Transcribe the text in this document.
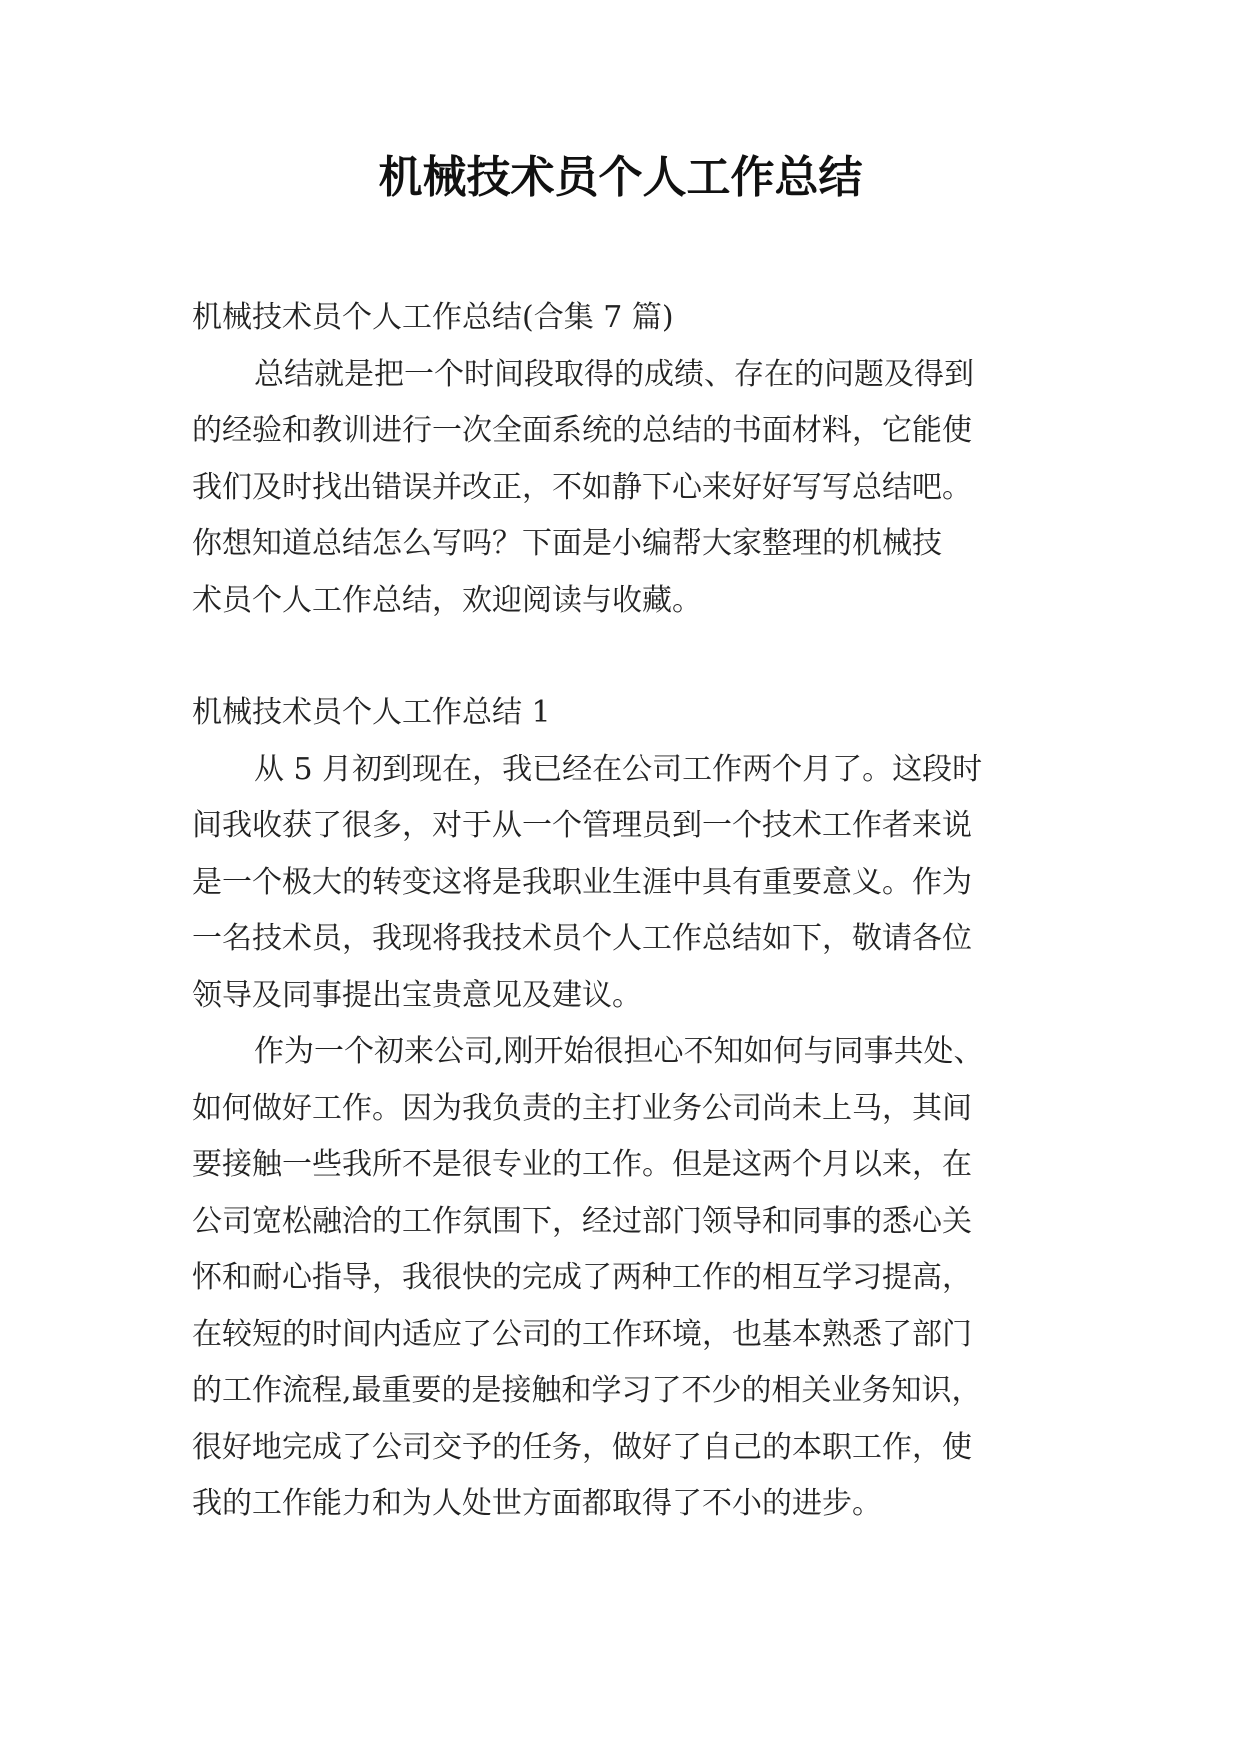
机械技术员个人工作总结
机械技术员个人工作总结(合集 7 篇)
总结就是把一个时间段取得的成绩、存在的问题及得到
的经验和教训进行一次全面系统的总结的书面材料，它能使
我们及时找出错误并改正，不如静下心来好好写写总结吧。
你想知道总结怎么写吗？下面是小编帮大家整理的机械技
术员个人工作总结，欢迎阅读与收藏。
机械技术员个人工作总结 1
从 5 月初到现在，我已经在公司工作两个月了。这段时
间我收获了很多，对于从一个管理员到一个技术工作者来说
是一个极大的转变这将是我职业生涯中具有重要意义。作为
一名技术员，我现将我技术员个人工作总结如下，敬请各位
领导及同事提出宝贵意见及建议。
作为一个初来公司,刚开始很担心不知如何与同事共处、
如何做好工作。因为我负责的主打业务公司尚未上马，其间
要接触一些我所不是很专业的工作。但是这两个月以来，在
公司宽松融洽的工作氛围下，经过部门领导和同事的悉心关
怀和耐心指导，我很快的完成了两种工作的相互学习提高，
在较短的时间内适应了公司的工作环境，也基本熟悉了部门
的工作流程,最重要的是接触和学习了不少的相关业务知识，
很好地完成了公司交予的任务，做好了自己的本职工作，使
我的工作能力和为人处世方面都取得了不小的进步。
